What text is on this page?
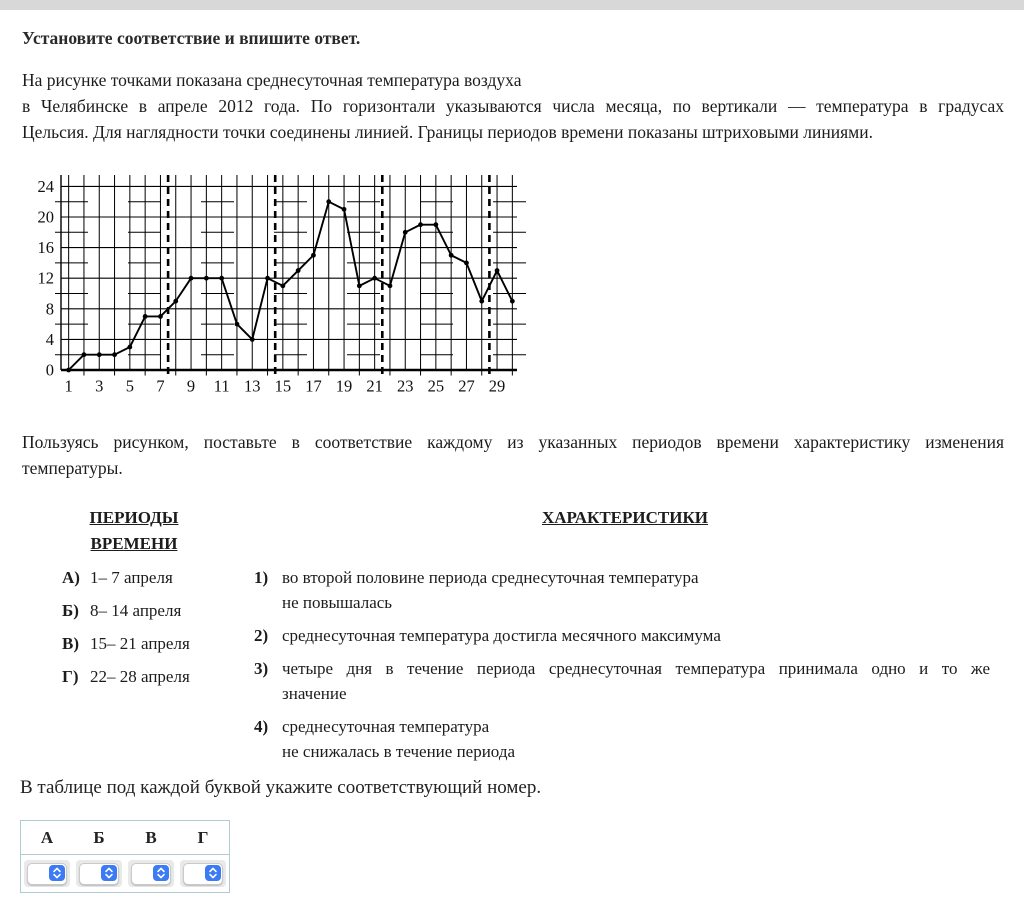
Установите соответствие и впишите ответ.
На рисунке точками показана среднесуточная температура воздуха
в Челябинске в апреле 2012 года. По горизонтали указываются числа месяца, по вертикали — температура в градусах
Цельсия. Для наглядности точки соединены линией. Границы периодов времени показаны штриховыми линиями.
0
4
8
12
16
20
24
1 3 5 7 9 11 13 15 17 19 21 23 25 27 29
Пользуясь рисунком, поставьте в соответствие каждому из указанных периодов времени характеристику изменения
температуры.
ПЕРИОДЫ
ВРЕМЕНИ
ХАРАКТЕРИСТИКИ
А) 1– 7 апреля
Б) 8– 14 апреля
В) 15– 21 апреля
Г) 22– 28 апреля
1) во второй половине периода среднесуточная температура
не повышалась
2) среднесуточная температура достигла месячного максимума
3) четыре дня в течение периода среднесуточная температура принимала одно и то же
значение
4) среднесуточная температура
не снижалась в течение периода
В таблице под каждой буквой укажите соответствующий номер.
А	Б	В	Г
